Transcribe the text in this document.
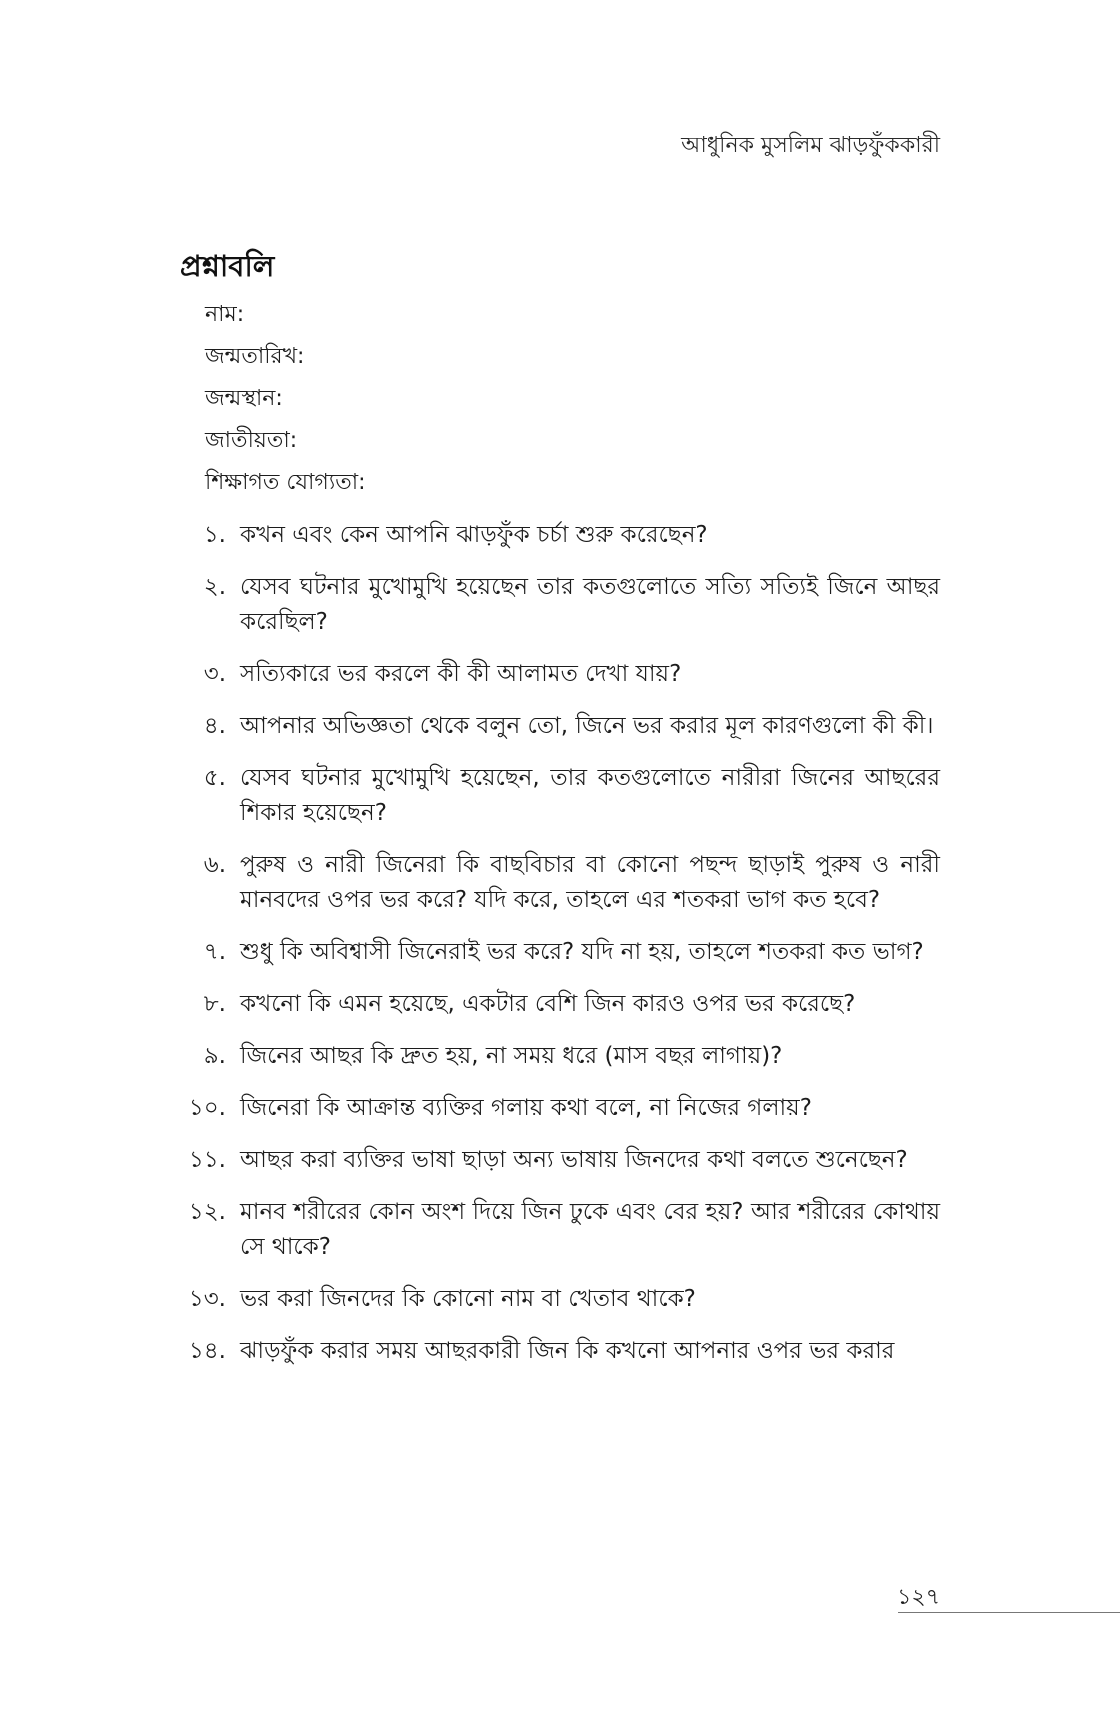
আধুনিক মুসলিম ঝাড়ফুঁককারী
প্রশ্নাবলি
নাম:
জন্মতারিখ:
জন্মস্থান:
জাতীয়তা:
শিক্ষাগত যোগ্যতা:
১. কখন এবং কেন আপনি ঝাড়ফুঁক চর্চা শুরু করেছেন?
২. যেসব ঘটনার মুখোমুখি হয়েছেন তার কতগুলোতে সত্যি সত্যিই জিনে আছর করেছিল?
৩. সত্যিকারে ভর করলে কী কী আলামত দেখা যায়?
৪. আপনার অভিজ্ঞতা থেকে বলুন তো, জিনে ভর করার মূল কারণগুলো কী কী।
৫. যেসব ঘটনার মুখোমুখি হয়েছেন, তার কতগুলোতে নারীরা জিনের আছরের শিকার হয়েছেন?
৬. পুরুষ ও নারী জিনেরা কি বাছবিচার বা কোনো পছন্দ ছাড়াই পুরুষ ও নারী মানবদের ওপর ভর করে? যদি করে, তাহলে এর শতকরা ভাগ কত হবে?
৭. শুধু কি অবিশ্বাসী জিনেরাই ভর করে? যদি না হয়, তাহলে শতকরা কত ভাগ?
৮. কখনো কি এমন হয়েছে, একটার বেশি জিন কারও ওপর ভর করেছে?
৯. জিনের আছর কি দ্রুত হয়, না সময় ধরে (মাস বছর লাগায়)?
১০. জিনেরা কি আক্রান্ত ব্যক্তির গলায় কথা বলে, না নিজের গলায়?
১১. আছর করা ব্যক্তির ভাষা ছাড়া অন্য ভাষায় জিনদের কথা বলতে শুনেছেন?
১২. মানব শরীরের কোন অংশ দিয়ে জিন ঢুকে এবং বের হয়? আর শরীরের কোথায় সে থাকে?
১৩. ভর করা জিনদের কি কোনো নাম বা খেতাব থাকে?
১৪. ঝাড়ফুঁক করার সময় আছরকারী জিন কি কখনো আপনার ওপর ভর করার
১২৭
